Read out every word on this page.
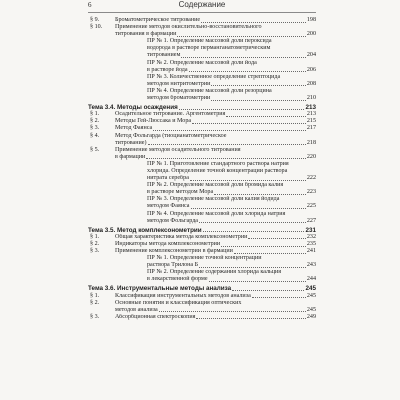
6	Содержание
§ 9.	Броматометрическое титрование	198
§ 10.	Применение методов окислительно-восстановительного
титрования в фармации	200
ПР № 1. Определение массовой доли пероксида
водорода в растворе перманганатометрическим
титрованием	204
ПР № 2. Определение массовой доли йода
в растворе йода	206
ПР № 3. Количественное определение стрептоцида
методом нитритометрии	208
ПР № 4. Определение массовой доли резорцина
методом броматометрии	210
Тема 3.4. Методы осаждения	213
§ 1.	Осадительное титрование. Аргентометрия	213
§ 2.	Методы Гей-Люссака и Мора	215
§ 3.	Метод Фаянса	217
§ 4.	Метод Фольгарда (тиоцианатометрическое
титрование)	218
§ 5.	Применение методов осадительного титрования
в фармации	220
ПР № 1. Приготовление стандартного раствора натрия
хлорида. Определение точной концентрации раствора
нитрата серебра	222
ПР № 2. Определение массовой доли бромида калия
в растворе методом Мора	223
ПР № 3. Определение массовой доли калия йодида
методом Фаянса	225
ПР № 4. Определение массовой доли хлорида натрия
методом Фольгарда	227
Тема 3.5. Метод комплексонометрии	231
§ 1.	Общая характеристика метода комплексонометрии	232
§ 2.	Индикаторы метода комплексонометрии	235
§ 3.	Применение комплексонометрии в фармации	241
ПР № 1. Определение точной концентрации
раствора Трилона Б	243
ПР № 2. Определение содержания хлорида кальция
в лекарственной форме	244
Тема 3.6. Инструментальные методы анализа	245
§ 1.	Классификация инструментальных методов анализа	245
§ 2.	Основные понятия и классификация оптических
методов анализа	245
§ 3.	Абсорбционная спектроскопия	249
